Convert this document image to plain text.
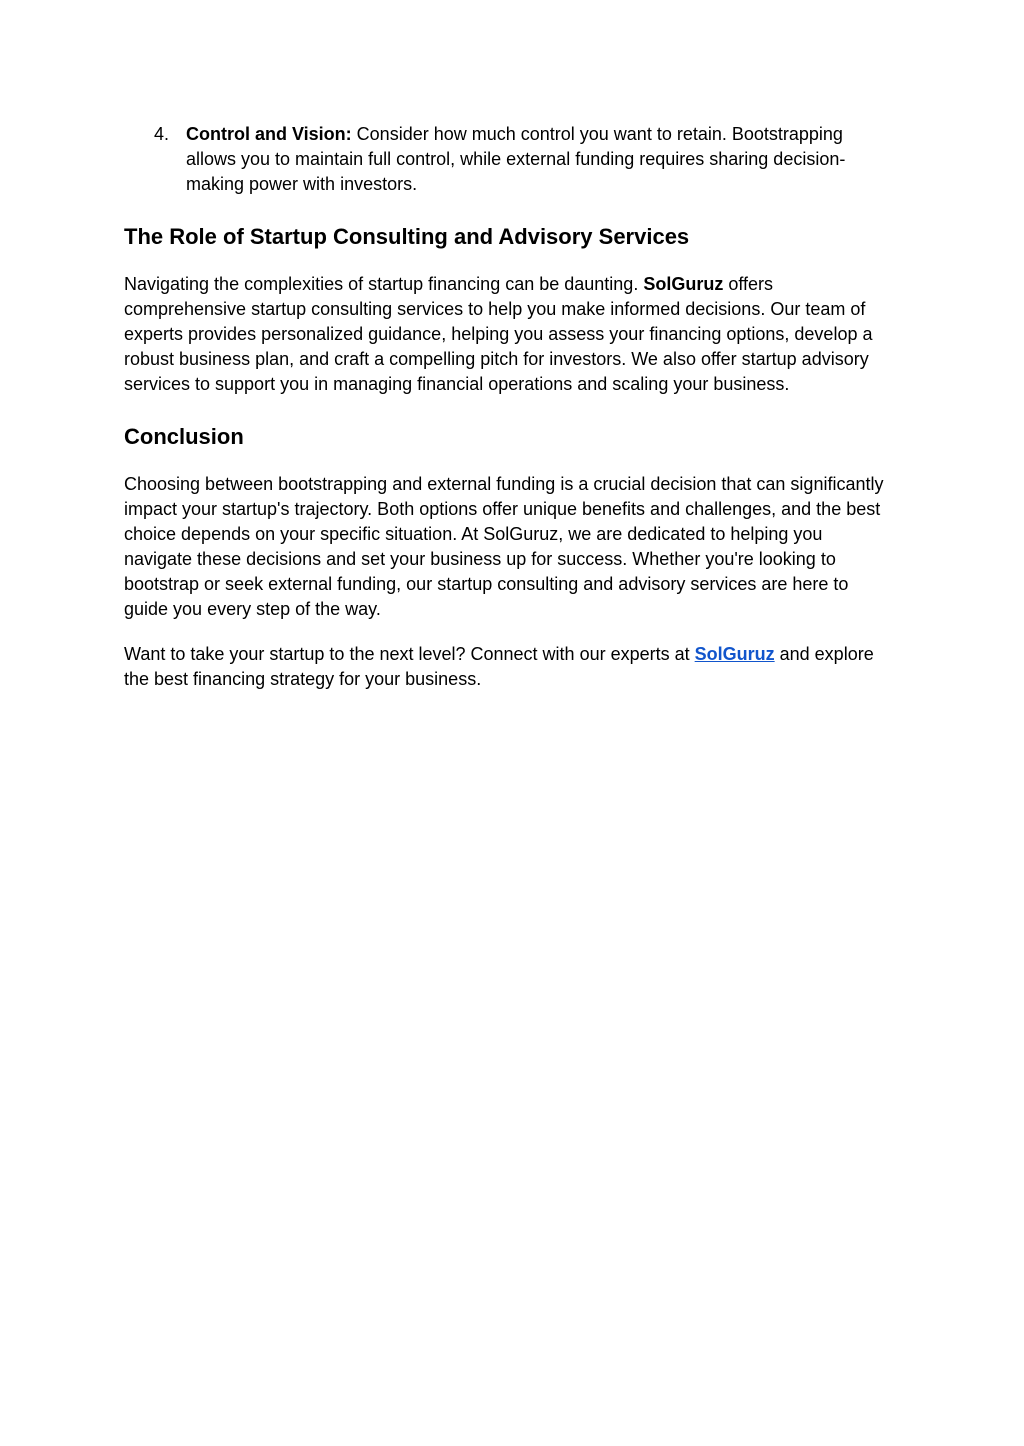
4. Control and Vision: Consider how much control you want to retain. Bootstrapping allows you to maintain full control, while external funding requires sharing decision-making power with investors.
The Role of Startup Consulting and Advisory Services

Navigating the complexities of startup financing can be daunting. SolGuruz offers comprehensive startup consulting services to help you make informed decisions. Our team of experts provides personalized guidance, helping you assess your financing options, develop a robust business plan, and craft a compelling pitch for investors. We also offer startup advisory services to support you in managing financial operations and scaling your business.

Conclusion

Choosing between bootstrapping and external funding is a crucial decision that can significantly impact your startup's trajectory. Both options offer unique benefits and challenges, and the best choice depends on your specific situation. At SolGuruz, we are dedicated to helping you navigate these decisions and set your business up for success. Whether you're looking to bootstrap or seek external funding, our startup consulting and advisory services are here to guide you every step of the way.

Want to take your startup to the next level? Connect with our experts at SolGuruz and explore the best financing strategy for your business.
